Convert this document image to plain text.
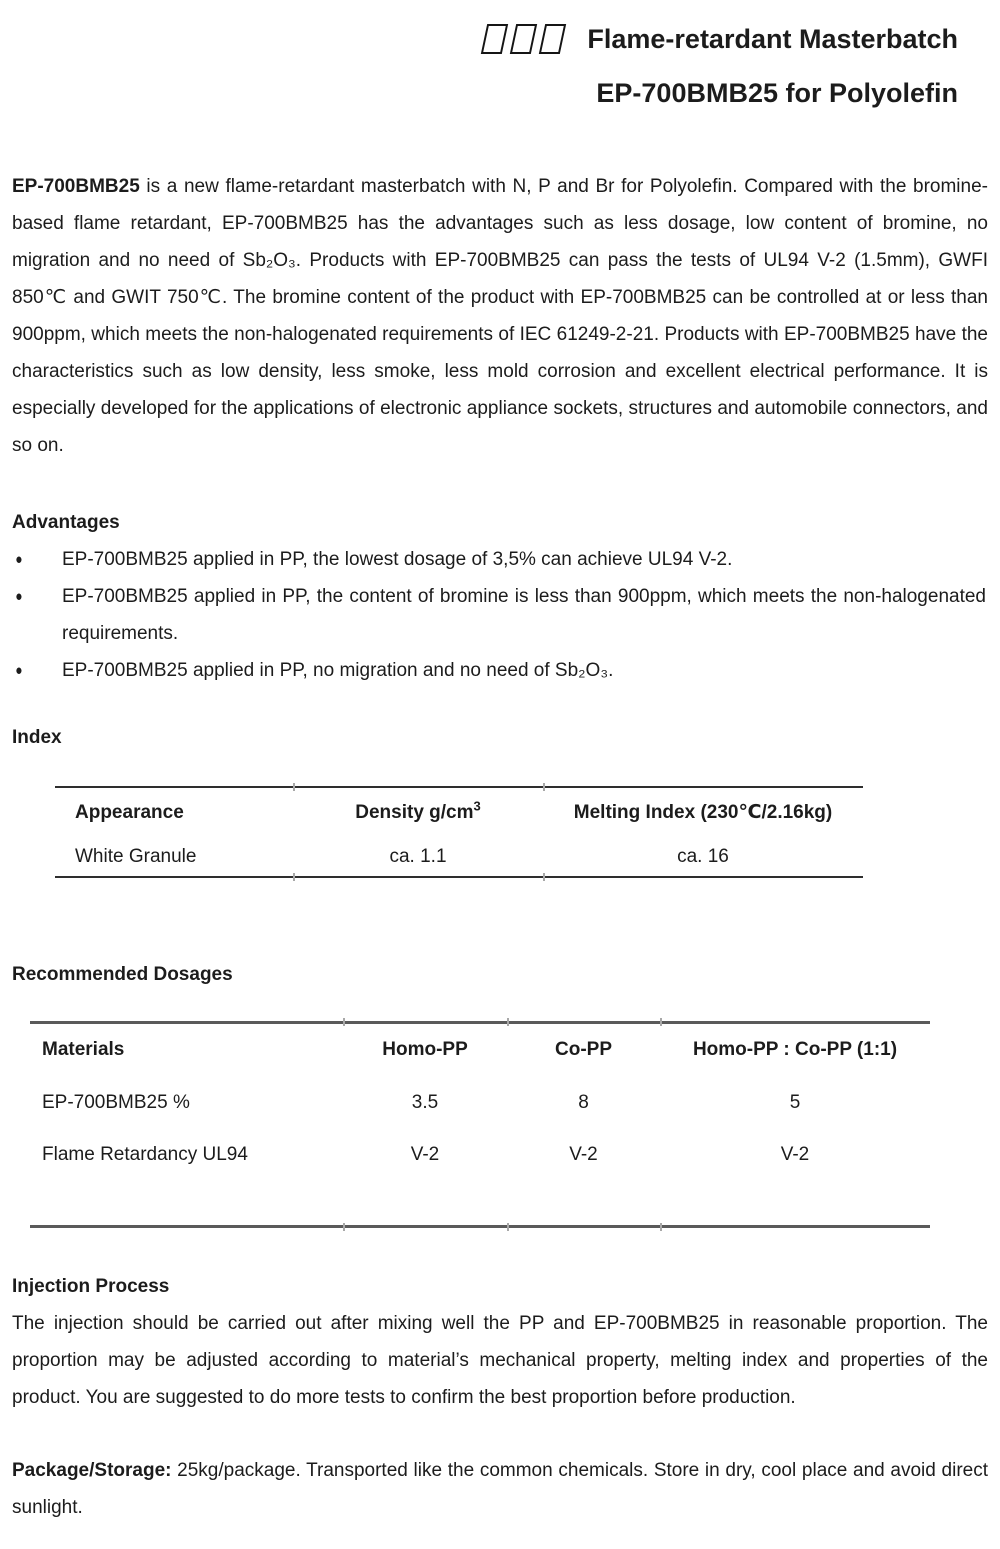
Flame-retardant Masterbatch
EP-700BMB25 for Polyolefin

EP-700BMB25 is a new flame-retardant masterbatch with N, P and Br for Polyolefin. Compared with the bromine-based flame retardant, EP-700BMB25 has the advantages such as less dosage, low content of bromine, no migration and no need of Sb₂O₃. Products with EP-700BMB25 can pass the tests of UL94 V-2 (1.5mm), GWFI 850℃ and GWIT 750℃. The bromine content of the product with EP-700BMB25 can be controlled at or less than 900ppm, which meets the non-halogenated requirements of IEC 61249-2-21. Products with EP-700BMB25 have the characteristics such as low density, less smoke, less mold corrosion and excellent electrical performance. It is especially developed for the applications of electronic appliance sockets, structures and automobile connectors, and so on.

Advantages
●	EP-700BMB25 applied in PP, the lowest dosage of 3,5% can achieve UL94 V-2.
●	EP-700BMB25 applied in PP, the content of bromine is less than 900ppm, which meets the non-halogenated requirements.
●	EP-700BMB25 applied in PP, no migration and no need of Sb₂O₃.
Index
Appearance	Density $g/cm^3$	Melting Index (230℃/2.16kg)
White Granule	ca. 1.1	ca. 16
Recommended Dosages
Materials	Homo-PP	Co-PP	Homo-PP : Co-PP (1:1)
EP-700BMB25 %	3.5	8	5
Flame Retardancy UL94	V-2	V-2	V-2

Injection Process

The injection should be carried out after mixing well the PP and EP-700BMB25 in reasonable proportion. The proportion may be adjusted according to material’s mechanical property, melting index and properties of the product. You are suggested to do more tests to confirm the best proportion before production.

Package/Storage: 25kg/package. Transported like the common chemicals. Store in dry, cool place and avoid direct sunlight.
